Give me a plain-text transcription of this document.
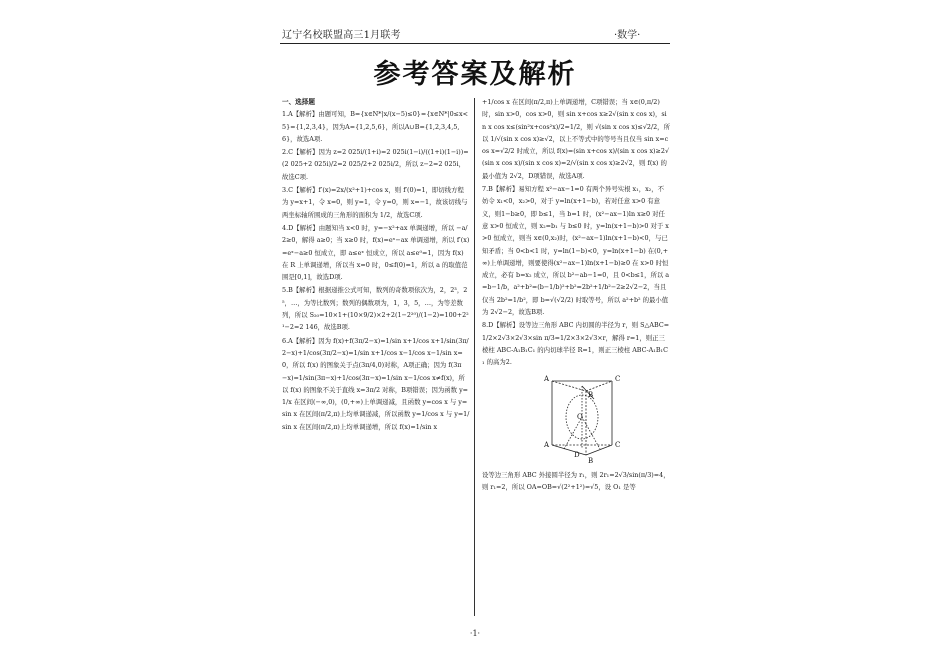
辽宁名校联盟高三1月联考	·数学·
参考答案及解析
一、选择题
1.A【解析】由题可知，B={x∈N*|x/(x−5)≤0}={x∈N*|0≤x<5}={1,2,3,4}，因为A={1,2,5,6}，所以A∪B={1,2,3,4,5,6}，故选A项.
2.C【解析】因为 z=2 025i/(1+i)=2 025i(1−i)/((1+i)(1−i))=(2 025+2 025i)/2=2 025/2+2 025i/2，所以 z−2=2 025i，故选C项.
3.C【解析】f′(x)=2x/(x²+1)+cos x，则 f′(0)=1，即切线方程为 y=x+1，令 x=0，则 y=1，令 y=0，则 x=−1，故该切线与两坐标轴所围成的三角形的面积为 1/2，故选C项.
4.D【解析】由题知当 x<0 时，y=−x²+ax 单调递增，所以 −a/2≥0，解得 a≥0；当 x≥0 时，f(x)=eˣ−ax 单调递增，所以 f′(x)=eˣ−a≥0 恒成立，即 a≤eˣ 恒成立，所以 a≤e⁰=1，因为 f(x) 在 R 上单调递增，所以当 x=0 时，0≤f(0)=1，所以 a 的取值范围是[0,1]，故选D项.
5.B【解析】根据递推公式可知，数列的奇数项依次为，2，2³，2⁵，…，为等比数列；数列的偶数项为，1，3，5，…，为等差数列，所以 S₂₀=10×1+(10×9/2)×2+2(1−2²⁰)/(1−2)=100+2²¹−2=2 146，故选B项.
6.A【解析】因为 f(x)+f(3π/2−x)=1/sin x+1/cos x+1/sin(3π/2−x)+1/cos(3π/2−x)=1/sin x+1/cos x−1/cos x−1/sin x=0，所以 f(x) 的图象关于点(3π/4,0)对称，A项正确；因为 f(3π−x)=1/sin(3π−x)+1/cos(3π−x)=1/sin x−1/cos x≠f(x)，所以 f(x) 的图象不关于直线 x=3π/2 对称，B项错误；因为函数 y=1/x 在区间(−∞,0)，(0,+∞)上单调递减，且函数 y=cos x 与 y=sin x 在区间(π/2,π)上均单调递减，所以函数 y=1/cos x 与 y=1/sin x 在区间(π/2,π)上均单调递增，所以 f(x)=1/sin x
+1/cos x 在区间(π/2,π)上单调递增，C项错误；当 x∈(0,π/2)时，sin x>0，cos x>0，则 sin x+cos x≥2√(sin x cos x)，sin x cos x≤(sin²x+cos²x)/2=1/2，则 √(sin x cos x)≤√2/2，所以 1/√(sin x cos x)≥√2，以上不等式中的等号当且仅当 sin x=cos x=√2/2 时成立，所以 f(x)=(sin x+cos x)/(sin x cos x)≥2√(sin x cos x)/(sin x cos x)=2/√(sin x cos x)≥2√2，则 f(x) 的最小值为 2√2，D项错误，故选A项.
7.B【解析】易知方程 x²−ax−1=0 有两个异号实根 x₁，x₂，不妨令 x₁<0，x₂>0，对于 y=ln(x+1−b)，若对任意 x>0 有意义，则1−b≥0，即 b≤1，当 b=1 时，(x²−ax−1)ln x≥0 对任意 x>0 恒成立，则 x₂=b₁ 与 b≤0 时，y=ln(x+1−b)>0 对于 x>0 恒成立，则当 x∈(0,x₂)时，(x²−ax−1)ln(x+1−b)<0，与已知矛盾；当 0<b<1 时，y=ln(1−b)<0，y=ln(x+1−b) 在(0,+∞)上单调递增，则要使得(x²−ax−1)ln(x+1−b)≥0 在 x>0 时恒成立，必有 b=x₂ 成立，所以 b²−ab−1=0，且 0<b≤1，所以 a=b−1/b，a²+b²=(b−1/b)²+b²=2b²+1/b²−2≥2√2−2，当且仅当 2b²=1/b²，即 b=√(√2/2) 时取等号，所以 a²+b² 的最小值为 2√2−2，故选B项.
8.D【解析】设等边三角形 ABC 内切圆的半径为 r，则 S△ABC=1/2×2√3×2√3×sin π/3=1/2×3×2√3×r，解得 r=1，则正三棱柱 ABC-A₁B₁C₁ 的内切球半径 R=1，则正三棱柱 ABC-A₁B₁C₁ 的高为2.
A	C
B
O
A	C
B
D
设等边三角形 ABC 外接圆半径为 r₁，则 2r₁=2√3/sin(π/3)=4，则 r₁=2，所以 OA=OB=√(2²+1²)=√5，设 O₁ 是等
·1·
